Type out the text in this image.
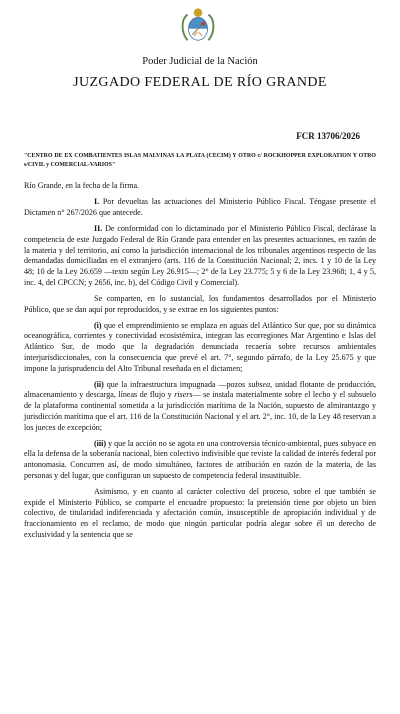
Poder Judicial de la Nación
JUZGADO FEDERAL DE RÍO GRANDE
FCR 13706/2026
"CENTRO DE EX COMBATIENTES ISLAS MALVINAS LA PLATA (CECIM) Y OTRO c/ ROCKHOPPER EXPLORATION Y OTRO s/CIVIL y COMERCIAL-VARIOS"

Río Grande, en la fecha de la firma.

I. Por devueltas las actuaciones del Ministerio Público Fiscal. Téngase presente el Dictamen n° 267/2026 que antecede.

II. De conformidad con lo dictaminado por el Ministerio Público Fiscal, declárase la competencia de este Juzgado Federal de Río Grande para entender en las presentes actuaciones, en razón de la materia y del territorio, así como la jurisdicción internacional de los tribunales argentinos respecto de las demandadas domiciliadas en el extranjero (arts. 116 de la Constitución Nacional; 2, incs. 1 y 10 de la Ley 48; 10 de la Ley 26.659 —texto según Ley 26.915—; 2° de la Ley 23.775; 5 y 6 de la Ley 23.968; 1, 4 y 5, inc. 4, del CPCCN; y 2656, inc. b), del Código Civil y Comercial).

Se comparten, en lo sustancial, los fundamentos desarrollados por el Ministerio Público, que se dan aquí por reproducidos, y se extrae en los siguientes puntos:

(i) que el emprendimiento se emplaza en aguas del Atlántico Sur que, por su dinámica oceanográfica, corrientes y conectividad ecosistémica, integran las ecorregiones Mar Argentino e Islas del Atlántico Sur, de modo que la degradación denunciada recaería sobre recursos ambientales interjurisdiccionales, con la consecuencia que prevé el art. 7°, segundo párrafo, de la Ley 25.675 y que impone la jurisprudencia del Alto Tribunal reseñada en el dictamen;

(ii) que la infraestructura impugnada —pozos subsea, unidad flotante de producción, almacenamiento y descarga, líneas de flujo y risers— se instala materialmente sobre el lecho y el subsuelo de la plataforma continental sometida a la jurisdicción marítima de la Nación, supuesto de almirantazgo y jurisdicción marítima que el art. 116 de la Constitución Nacional y el art. 2°, inc. 10, de la Ley 48 reservan a los jueces de excepción;

(iii) y que la acción no se agota en una controversia técnico-ambiental, pues subyace en ella la defensa de la soberanía nacional, bien colectivo indivisible que reviste la calidad de interés federal por antonomasia. Concurren así, de modo simultáneo, factores de atribución en razón de la materia, de las personas y del lugar, que configuran un supuesto de competencia federal insustituible.

Asimismo, y en cuanto al carácter colectivo del proceso, sobre el que también se expide el Ministerio Público, se comparte el encuadre propuesto: la pretensión tiene por objeto un bien colectivo, de titularidad indiferenciada y afectación común, insusceptible de apropiación individual y de fraccionamiento en el reclamo, de modo que ningún particular podría alegar sobre él un derecho de exclusividad y la sentencia que se
